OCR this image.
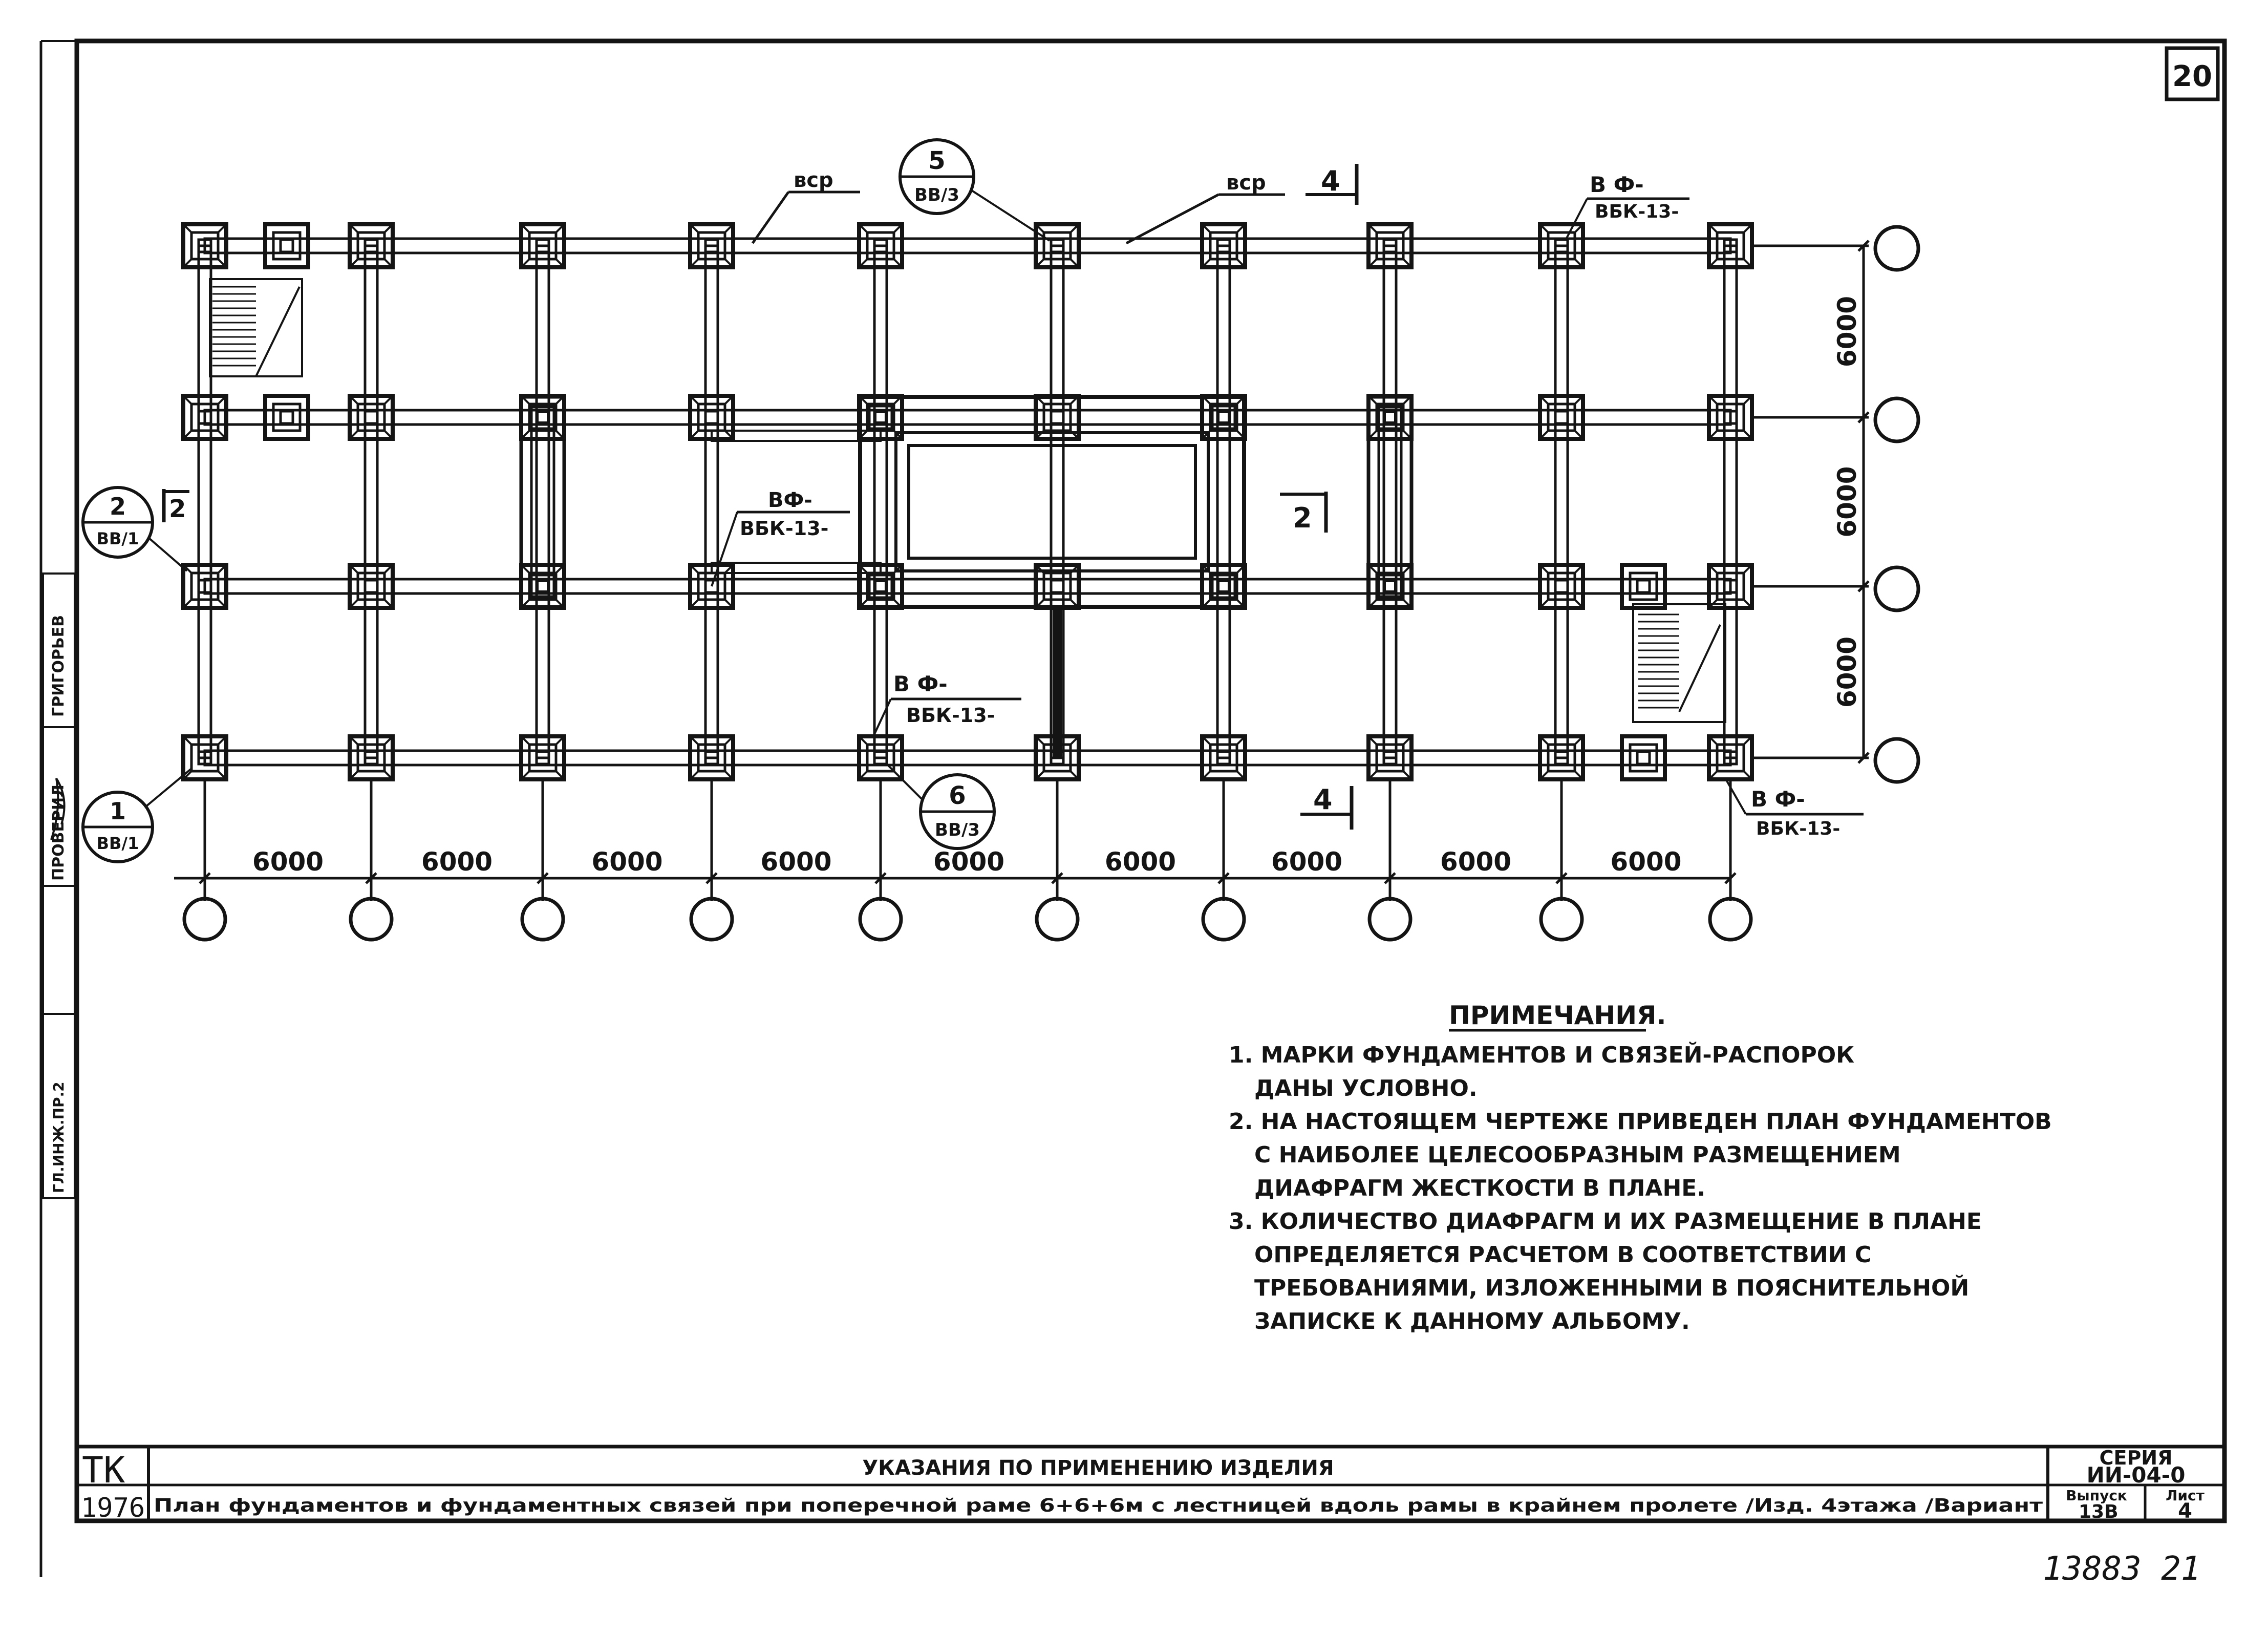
ПРОВЕРИЛ
ГРИГОРЬЕВ
ГЛ.ИНЖ.ПР.2
20
6000	6000	6000	6000	6000	6000	6000	6000	6000
6000
6000
6000
вср	вср 4	В Ф-
ВБК-13-
ВФ-
ВБК-13-	2
В Ф-
ВБК-13-
4	В Ф-
ВБК-13-
2
5
ВВ/3
6
ВВ/3
2
ВВ/1
1
ВВ/1
ПРИМЕЧАНИЯ.
1. МАРКИ ФУНДАМЕНТОВ И СВЯЗЕЙ-РАСПОРОК
ДАНЫ УСЛОВНО.
2. НА НАСТОЯЩЕМ ЧЕРТЕЖЕ ПРИВЕДЕН ПЛАН ФУНДАМЕНТОВ
С НАИБОЛЕЕ ЦЕЛЕСООБРАЗНЫМ РАЗМЕЩЕНИЕМ
ДИАФРАГМ ЖЕСТКОСТИ В ПЛАНЕ.
3. КОЛИЧЕСТВО ДИАФРАГМ И ИХ РАЗМЕЩЕНИЕ В ПЛАНЕ
ОПРЕДЕЛЯЕТСЯ РАСЧЕТОМ В СООТВЕТСТВИИ С
ТРЕБОВАНИЯМИ, ИЗЛОЖЕННЫМИ В ПОЯСНИТЕЛЬНОЙ
ЗАПИСКЕ К ДАННОМУ АЛЬБОМУ.
ТК
1976
УКАЗАНИЯ ПО ПРИМЕНЕНИЮ ИЗДЕЛИЯ
План фундаментов и фундаментных связей при поперечной раме 6+6+6м с лестницей вдоль рамы в крайнем пролете /Изд. 4этажа /Вариант
СЕРИЯ
ИИ-04-0
Выпуск
13В
Лист
4
13883 21
